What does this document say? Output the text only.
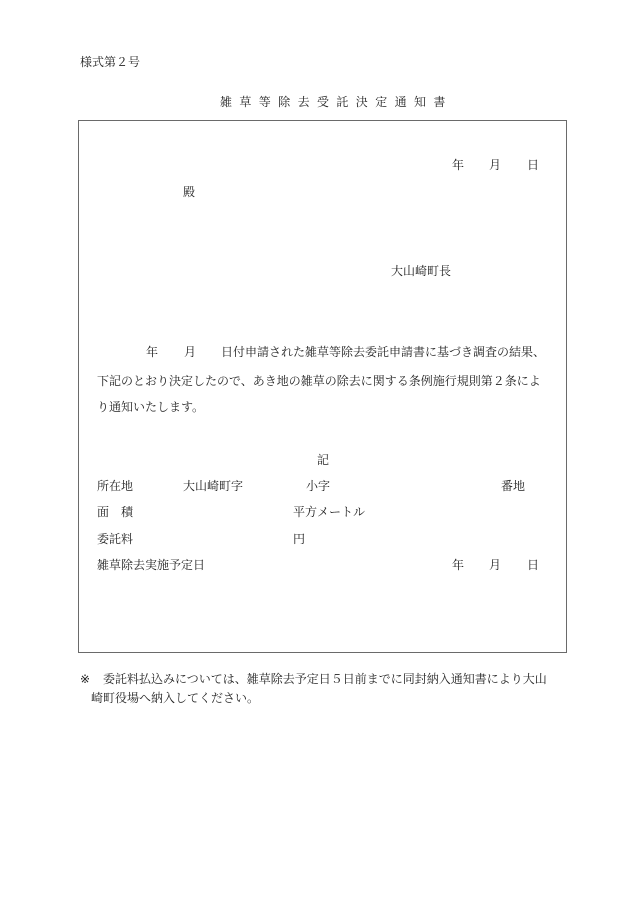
様式第２号
雑草等除去受託決定通知書
年 月 日
殿
大山崎町長
年 月 日付申請された雑草等除去委託申請書に基づき調査の結果、
下記のとおり決定したので、あき地の雑草の除去に関する条例施行規則第２条によ
り通知いたします。
記
所在地	大山崎町字	小字	番地
面　積	平方メートル
委託料	円
雑草除去実施予定日	年 月 日
※ 委託料払込みについては、雑草除去予定日５日前までに同封納入通知書により大山
崎町役場へ納入してください。
